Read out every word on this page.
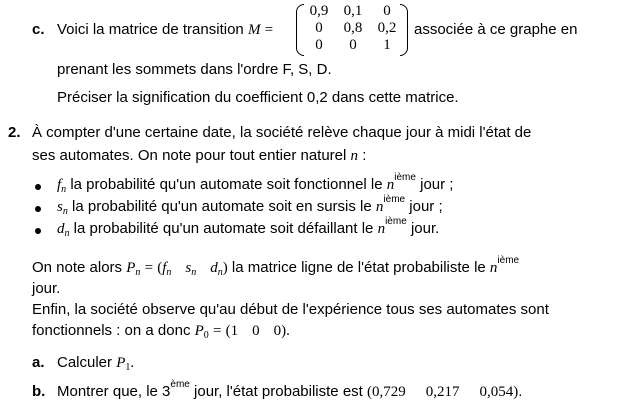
c. Voici la matrice de transition M =
0,9	0,1	0
0	0,8	0,2
0	0	1
associée à ce graphe en
prenant les sommets dans l'ordre F, S, D.
Préciser la signification du coefficient 0,2 dans cette matrice.
2. À compter d'une certaine date, la société relève chaque jour à midi l'état de
ses automates. On note pour tout entier naturel n :
$f_n$ la probabilité qu'un automate soit fonctionnel le $n^{ième}$ jour ;
$s_n$ la probabilité qu'un automate soit en sursis le $n^{ième}$ jour ;
$d_n$ la probabilité qu'un automate soit défaillant le $n^{ième}$ jour.
On note alors $P_n = (f_n$ $s_n$ $d_n$) la matrice ligne de l'état probabiliste le $n^{ième}$
jour.
Enfin, la société observe qu'au début de l'expérience tous ses automates sont
fonctionnels : on a donc $P_0 = (1$ 0 0).
a. Calculer $P_1$.
b. Montrer que, le 3ème jour, l'état probabiliste est (0,729 0,217 0,054).
